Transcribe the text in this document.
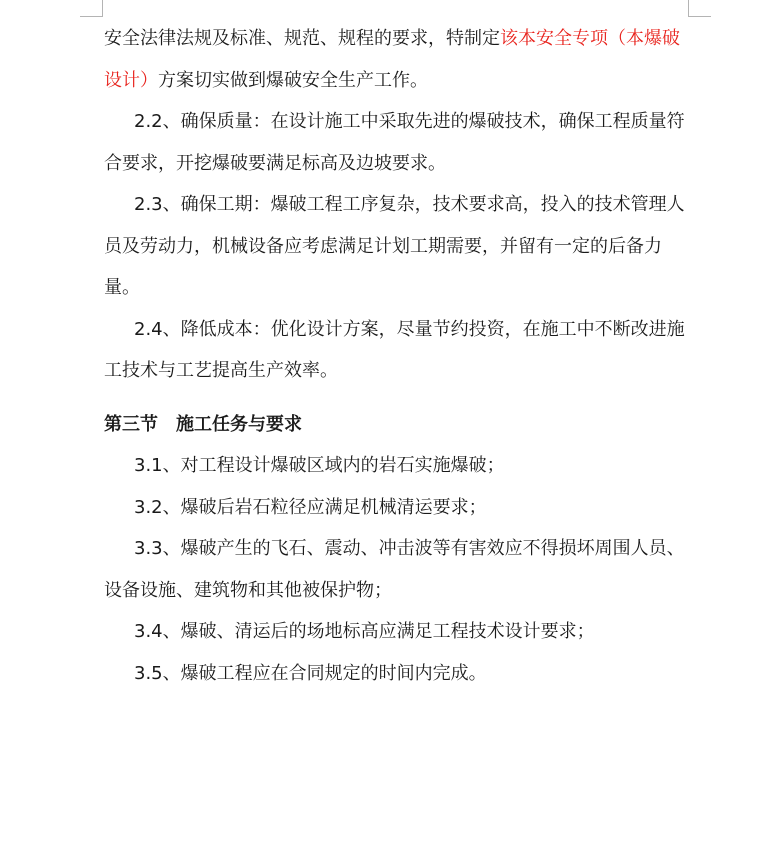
安全法律法规及标准、规范、规程的要求，特制定该本安全专项（本爆破设计）方案切实做到爆破安全生产工作。

2.2、确保质量：在设计施工中采取先进的爆破技术，确保工程质量符合要求，开挖爆破要满足标高及边坡要求。

2.3、确保工期：爆破工程工序复杂，技术要求高，投入的技术管理人员及劳动力，机械设备应考虑满足计划工期需要，并留有一定的后备力量。

2.4、降低成本：优化设计方案，尽量节约投资，在施工中不断改进施工技术与工艺提高生产效率。

第三节 施工任务与要求

3.1、对工程设计爆破区域内的岩石实施爆破；

3.2、爆破后岩石粒径应满足机械清运要求；

3.3、爆破产生的飞石、震动、冲击波等有害效应不得损坏周围人员、设备设施、建筑物和其他被保护物；

3.4、爆破、清运后的场地标高应满足工程技术设计要求；

3.5、爆破工程应在合同规定的时间内完成。
